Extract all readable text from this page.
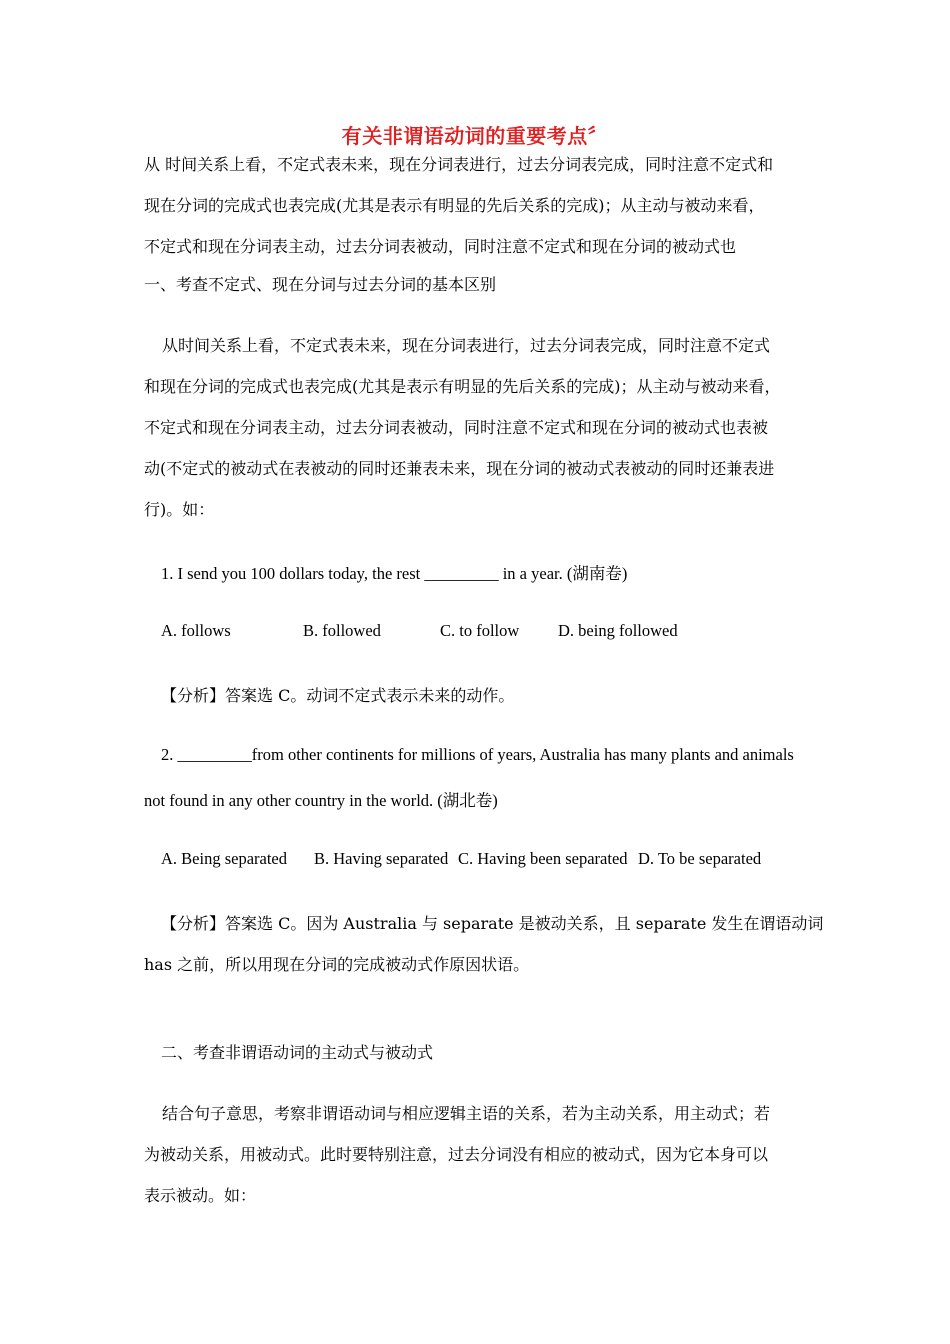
有关非谓语动词的重要考点〞
从 时间关系上看，不定式表未来，现在分词表进行，过去分词表完成，同时注意不定式和
现在分词的完成式也表完成(尤其是表示有明显的先后关系的完成)；从主动与被动来看，
不定式和现在分词表主动，过去分词表被动，同时注意不定式和现在分词的被动式也
一、考查不定式、现在分词与过去分词的基本区别
从时间关系上看，不定式表未来，现在分词表进行，过去分词表完成，同时注意不定式
和现在分词的完成式也表完成(尤其是表示有明显的先后关系的完成)；从主动与被动来看，
不定式和现在分词表主动，过去分词表被动，同时注意不定式和现在分词的被动式也表被
动(不定式的被动式在表被动的同时还兼表未来，现在分词的被动式表被动的同时还兼表进
行)。如：
1. I send you 100 dollars today, the rest _________ in a year. (湖南卷)
A. follows	B. followed	C. to follow D. being followed
【分析】答案选 C。动词不定式表示未来的动作。
2. _________from other continents for millions of years, Australia has many plants and animals
not found in any other country in the world. (湖北卷)
A. Being separated B. Having separated C. Having been separated D. To be separated
【分析】答案选 C。因为 Australia 与 separate 是被动关系，且 separate 发生在谓语动词
has 之前，所以用现在分词的完成被动式作原因状语。
二、考查非谓语动词的主动式与被动式
结合句子意思，考察非谓语动词与相应逻辑主语的关系，若为主动关系，用主动式；若
为被动关系，用被动式。此时要特别注意，过去分词没有相应的被动式，因为它本身可以
表示被动。如：
